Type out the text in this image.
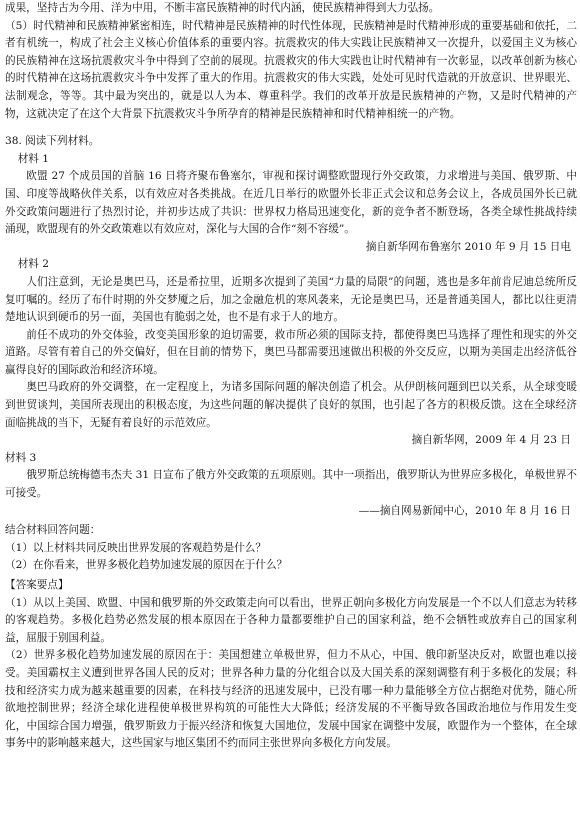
成果，坚持古为今用、洋为中用，不断丰富民族精神的时代内涵，使民族精神得到大力弘扬。

（5）时代精神和民族精神紧密相连，时代精神是民族精神的时代性体现，民族精神是时代精神形成的重要基础和依托，二者有机统一，构成了社会主义核心价值体系的重要内容。抗震救灾的伟大实践让民族精神又一次提升，以爱国主义为核心的民族精神在这场抗震救灾斗争中得到了空前的展现。抗震救灾的伟大实践也让时代精神有一次彰显，以改革创新为核心的时代精神在这场抗震救灾斗争中发挥了重大的作用。抗震救灾的伟大实践，处处可见时代造就的开放意识、世界眼光、法制观念，等等。其中最为突出的，就是以人为本、尊重科学。我们的改革开放是民族精神的产物，又是时代精神的产物，这就决定了在这个大背景下抗震救灾斗争所孕育的精神是民族精神和时代精神相统一的产物。

38. 阅读下列材料。

材料 1

欧盟 27 个成员国的首脑 16 日将齐聚布鲁塞尔，审视和探讨调整欧盟现行外交政策，力求增进与美国、俄罗斯、中国、印度等战略伙伴关系，以有效应对各类挑战。在近几日举行的欧盟外长非正式会议和总务会议上，各成员国外长已就外交政策问题进行了热烈讨论，并初步达成了共识：世界权力格局迅速变化，新的竞争者不断登场，各类全球性挑战持续涌现，欧盟现有的外交政策难以有效应对，深化与大国的合作“刻不容缓”。

摘自新华网布鲁塞尔 2010 年 9 月 15 日电

材料 2

人们注意到，无论是奥巴马，还是希拉里，近期多次提到了美国“力量的局限”的问题，逃也是多年前肯尼迪总统所反复叮嘱的。经历了布什时期的外交梦魇之后，加之金融危机的寒风袭来，无论是奥巴马，还是普通美国人，都比以往更清楚地认识到硬币的另一面，美国也有脆弱之处，也不是有求于人的地方。

前任不成功的外交体验，改变美国形象的迫切需要，救市所必须的国际支持，都使得奥巴马选择了理性和现实的外交道路。尽管有着自己的外交偏好，但在目前的情势下，奥巴马都需要迅速做出积极的外交反应，以期为美国走出经济低谷赢得良好的国际政治和经济环境。

奥巴马政府的外交调整，在一定程度上，为诸多国际问题的解决创造了机会。从伊朗核问题到巴以关系，从全球变暖到世贸谈判，美国所表现出的积极态度，为这些问题的解决提供了良好的氛围，也引起了各方的积极反馈。这在全球经济面临挑战的当下，无疑有着良好的示范效应。

摘自新华网，2009 年 4 月 23 日

材料 3

俄罗斯总统梅德韦杰夫 31 日宣布了俄方外交政策的五项原则。其中一项指出，俄罗斯认为世界应多极化，单极世界不可接受。

——摘自网易新闻中心，2010 年 8 月 16 日

结合材料回答问题：

（1）以上材料共同反映出世界发展的客观趋势是什么？

（2）在你看来，世界多极化趋势加速发展的原因在于什么？

【答案要点】

（1）从以上美国、欧盟、中国和俄罗斯的外交政策走向可以看出，世界正朝向多极化方向发展是一个不以人们意志为转移的客观趋势。多极化趋势必然发展的根本原因在于各种力量都要维护自己的国家利益，绝不会牺牲或放弃自己的国家利益，屈服于别国利益。

（2）世界多极化趋势加速发展的原因在于：美国想建立单极世界，但力不从心，中国、俄印新坚决反对，欧盟也难以接受。美国霸权主义遭到世界各国人民的反对；世界各种力量的分化组合以及大国关系的深刻调整有利于多极化的发展；科技和经济实力成为越来越重要的因素，在科技与经济的迅速发展中，已没有哪一种力量能够全方位占据绝对优势，随心所欲地控制世界；经济全球化进程使单极世界构筑的可能性大大降低；经济发展的不平衡导致各国政治地位与作用发生变化，中国综合国力增强，俄罗斯致力于振兴经济和恢复大国地位，发展中国家在调整中发展，欧盟作为一个整体，在全球事务中的影响越来越大，这些国家与地区集团不约而同主张世界向多极化方向发展。
